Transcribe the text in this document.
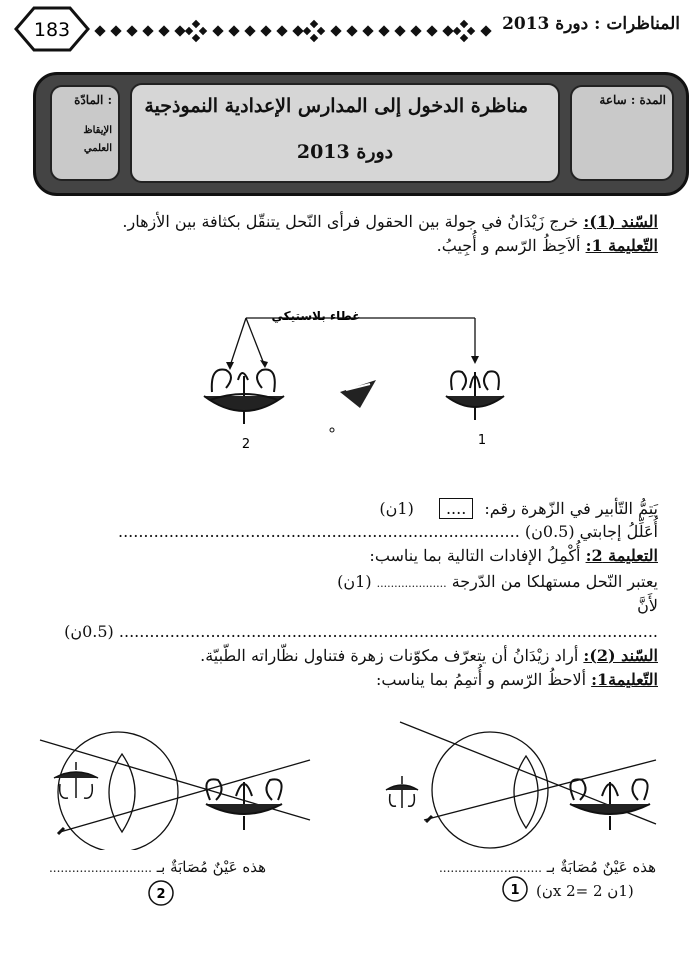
183	المناظرات : دورة 2013
المادّة :
الإيقاظ
العلمي
مناظرة الدخول إلى المدارس الإعدادية النموذجية
دورة 2013
المدة : ساعة
السّند (1): خرج زَيْدَانُ في جولة بين الحقول فرأى النّحل يتنقّل بكثافة بين الأزهار.
التّعليمة 1: ألاَحِظُ الرّسم و أُجِيبُ.
غطاء بلاستيكي
2	1
يَتِمُّ التّأبير في الزّهرة رقم: .... (1ن)
أُعَلِّلُ إجابتي (0.5ن) ...............................................................................
التعليمة 2: أُكْمِلُ الإفادات التالية بما يناسب:
يعتبر النّحل مستهلكا من الدّرجة .................... (1ن)
لأَنَّ
.......................................................................................................... (0.5ن)
السّند (2): أراد زيْدَانُ أن يتعرّف مكوّنات زهرة فتناول نظّاراته الطّبيّة.
التّعليمة1: ألاحظُ الرّسم و أُتمِمُ بما يناسب:
هذه عَيْنٌ مُصَابَةٌ بـ ...........................	هذه عَيْنٌ مُصَابَةٌ بـ ...........................
2	1 (1ن x 2= 2ن)
